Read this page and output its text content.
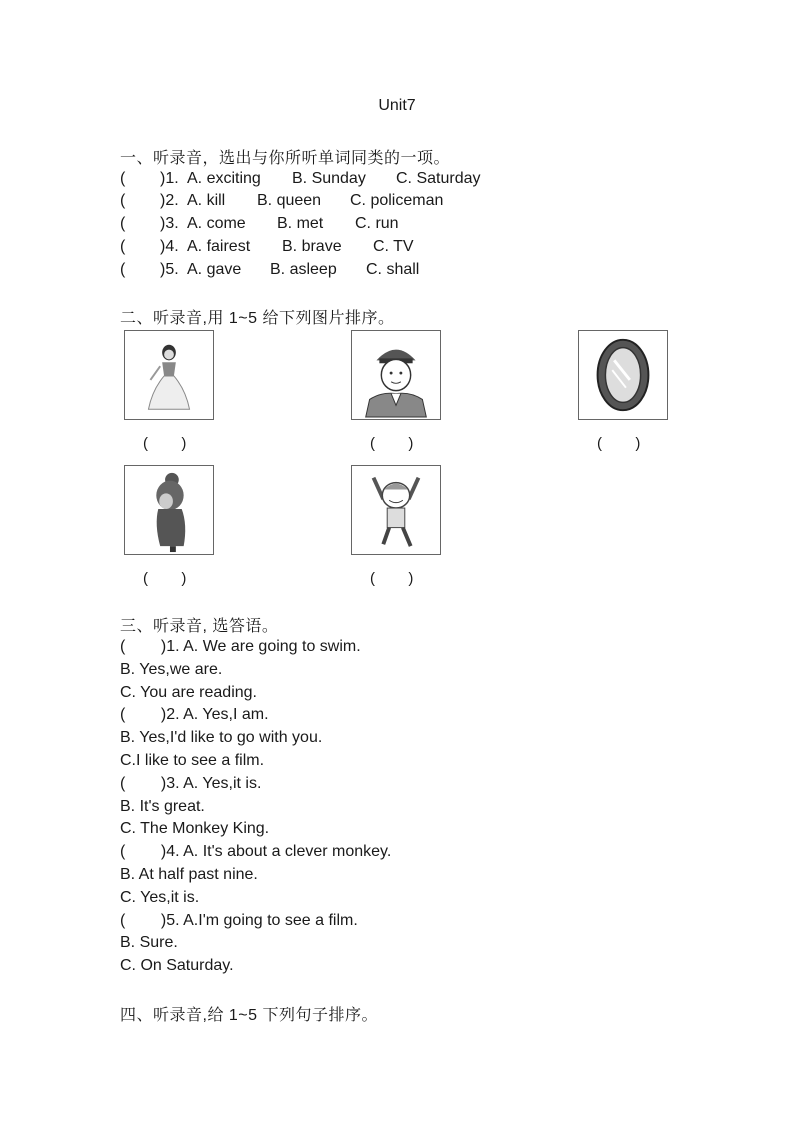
Unit7
一、听录音，选出与你所听单词同类的一项。
( )1. A. exciting B. Sunday C. Saturday
( )2. A. kill B. queen C. policeman
( )3. A. come B. met C. run
( )4. A. fairest B. brave C. TV
( )5. A. gave B. asleep C. shall
二、听录音,用 1~5 给下列图片排序。
(        )	(        )	(        )
(        )	(        )
三、听录音, 选答语。
(        )1. A. We are going to swim.
B. Yes,we are.
C. You are reading.
(        )2. A. Yes,I am.
B. Yes,I'd like to go with you.
C.I like to see a film.
(        )3. A. Yes,it is.
B. It's great.
C. The Monkey King.
(        )4. A. It's about a clever monkey.
B. At half past nine.
C. Yes,it is.
(        )5. A.I'm going to see a film.
B. Sure.
C. On Saturday.
四、听录音,给 1~5 下列句子排序。
